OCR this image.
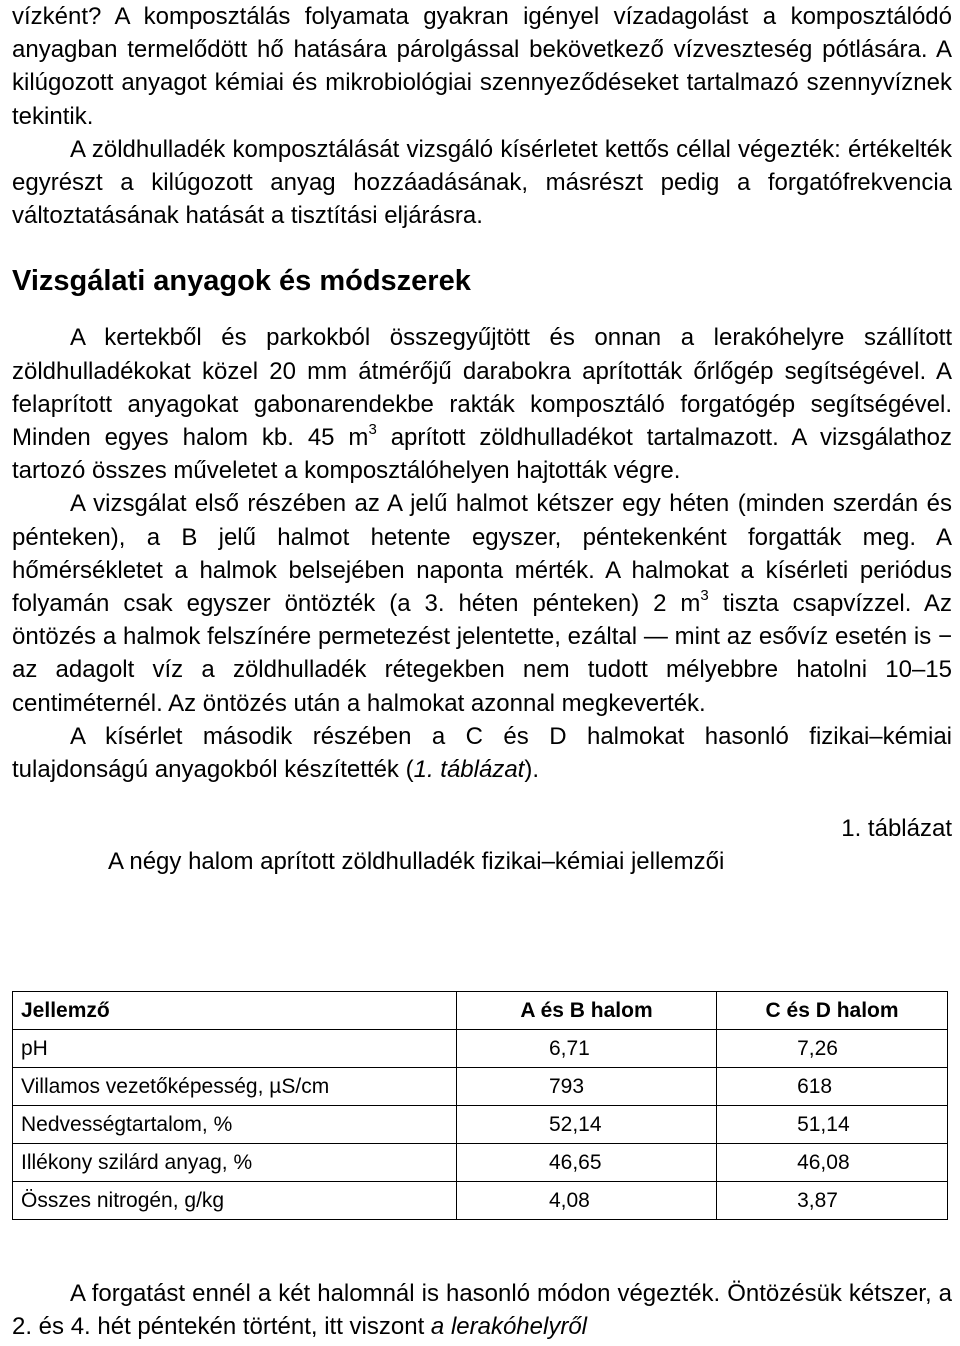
vízként? A komposztálás folyamata gyakran igényel vízadagolást a komposztálódó anyagban termelődött hő hatására párolgással bekövetkező vízveszteség pótlására. A kilúgozott anyagot kémiai és mikrobiológiai szennyeződéseket tartalmazó szennyvíznek tekintik.

A zöldhulladék komposztálását vizsgáló kísérletet kettős céllal végezték: értékelték egyrészt a kilúgozott anyag hozzáadásának, másrészt pedig a forgatófrekvencia változtatásának hatását a tisztítási eljárásra.

Vizsgálati anyagok és módszerek

A kertekből és parkokból összegyűjtött és onnan a lerakóhelyre szállított zöldhulladékokat közel 20 mm átmérőjű darabokra aprították őrlőgép segítségével. A felaprított anyagokat gabonarendekbe rakták komposztáló forgatógép segítségével. Minden egyes halom kb. 45 $m^3$ aprított zöldhulladékot tartalmazott. A vizsgálathoz tartozó összes műveletet a komposztálóhelyen hajtották végre.

A vizsgálat első részében az A jelű halmot kétszer egy héten (minden szerdán és pénteken), a B jelű halmot hetente egyszer, péntekenként forgatták meg. A hőmérsékletet a halmok belsejében naponta mérték. A halmokat a kísérleti periódus folyamán csak egyszer öntözték (a 3. héten pénteken) 2 $m^3$ tiszta csapvízzel. Az öntözés a halmok felszínére permetezést jelentette, ezáltal — mint az esővíz esetén is − az adagolt víz a zöldhulladék rétegekben nem tudott mélyebbre hatolni 10–15 centiméternél. Az öntözés után a halmokat azonnal megkeverték.

A kísérlet második részében a C és D halmokat hasonló fizikai–kémiai tulajdonságú anyagokból készítették (1. táblázat).

1. táblázat
A négy halom aprított zöldhulladék fizikai–kémiai jellemzői
Jellemző	A és B halom	C és D halom
pH	6,71	7,26
Villamos vezetőképesség, µS/cm	793	618
Nedvességtartalom, %	52,14	51,14
Illékony szilárd anyag, %	46,65	46,08
Összes nitrogén, g/kg	4,08	3,87

A forgatást ennél a két halomnál is hasonló módon végezték. Öntözésük kétszer, a 2. és 4. hét péntekén történt, itt viszont a lerakóhelyről
